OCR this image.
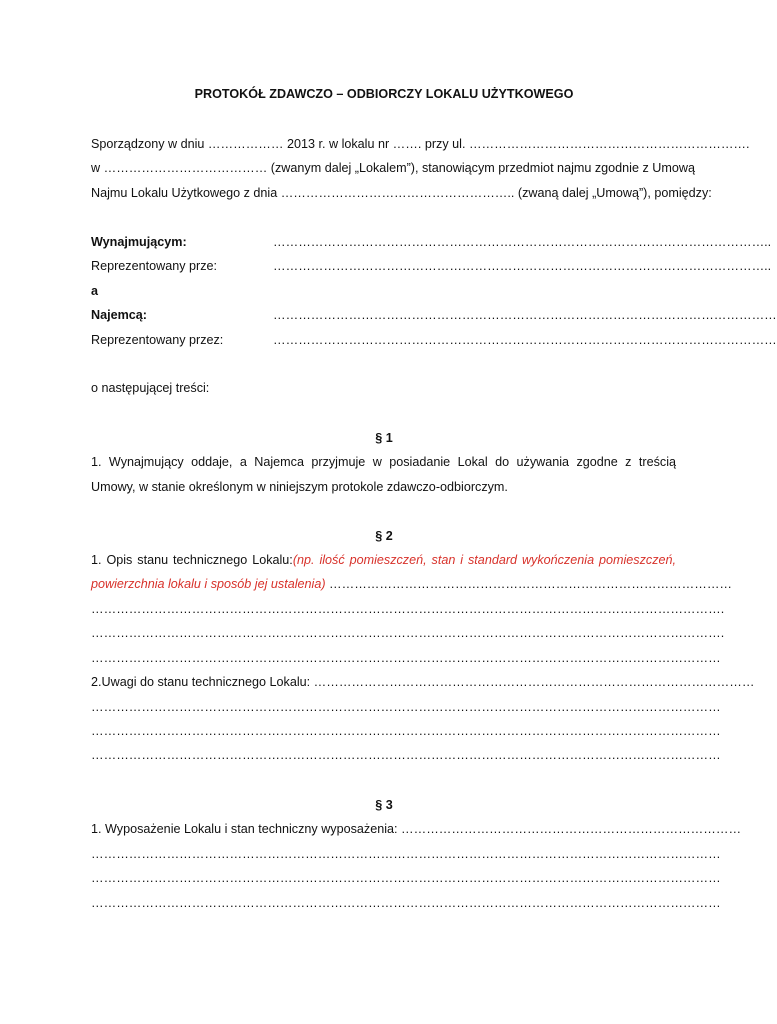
PROTOKÓŁ ZDAWCZO – ODBIORCZY LOKALU UŻYTKOWEGO
Sporządzony w dniu ……………… 2013 r. w lokalu nr ……. przy ul. ………………………………………………………….
w ………………………………… (zwanym dalej „Lokalem”), stanowiącym przedmiot najmu zgodnie z Umową
Najmu Lokalu Użytkowego z dnia ……………………………………………….. (zwaną dalej „Umową”), pomiędzy:
Wynajmującym:	………………………………………………………………………………………………………..
Reprezentowany prze:	………………………………………………………………………………………………………..
a
Najemcą:	…………………………………………………………………………………………………………
Reprezentowany przez:	…………………………………………………………………………………………………………
o następującej treści:
§ 1
1. Wynajmujący oddaje, a Najemca przyjmuje w posiadanie Lokal do używania zgodne z treścią
Umowy, w stanie określonym w niniejszym protokole zdawczo-odbiorczym.
§ 2
1. Opis stanu technicznego Lokalu:(np. ilość pomieszczeń, stan i standard wykończenia pomieszczeń,
powierzchnia lokalu i sposób jej ustalenia) ……………………………………………………………………………………
…………………………………………………………………………………………………………………………………….
…………………………………………………………………………………………………………………………………….
……………………………………………………………………………………………………………………………………
2.Uwagi do stanu technicznego Lokalu: ……………………………………………………………………………………………
……………………………………………………………………………………………………………………………………
……………………………………………………………………………………………………………………………………
……………………………………………………………………………………………………………………………………
§ 3
1. Wyposażenie Lokalu i stan techniczny wyposażenia: ………………………………………………………………………
……………………………………………………………………………………………………………………………………
……………………………………………………………………………………………………………………………………
……………………………………………………………………………………………………………………………………
